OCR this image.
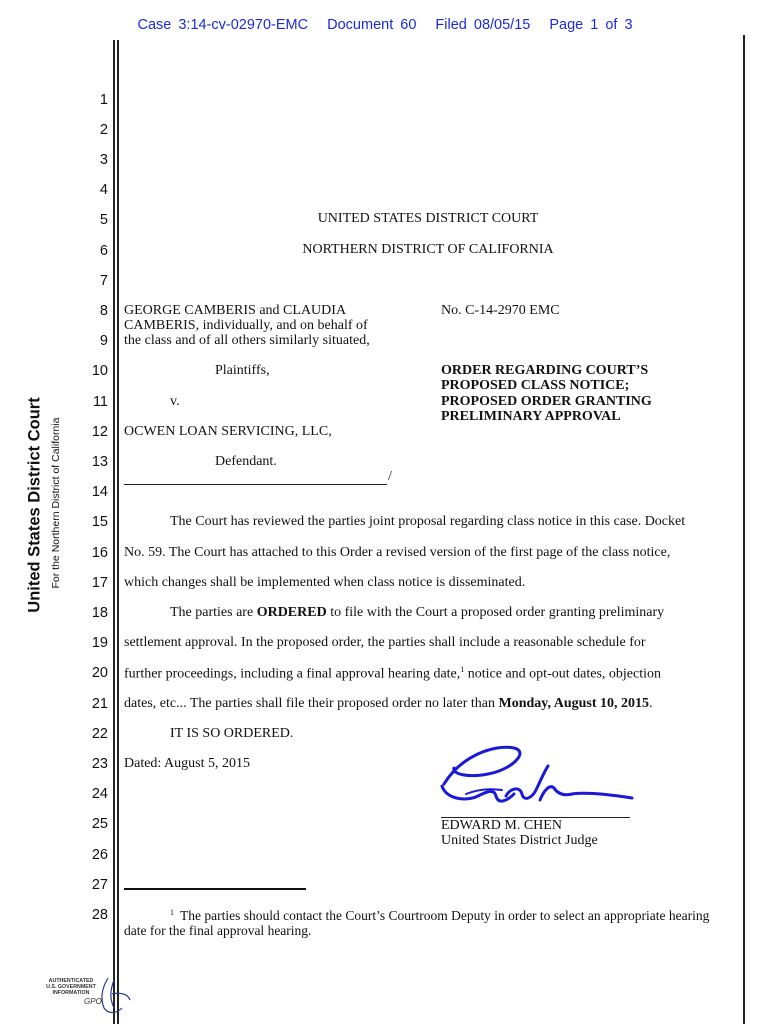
Case 3:14-cv-02970-EMC Document 60 Filed 08/05/15 Page 1 of 3
United States District Court For the Northern District of California
1
2
3
4
5
6
7
8
9
10
11
12
13
14
15
16
17
18
19
20
21
22
23
24
25
26
27
28
UNITED STATES DISTRICT COURT
NORTHERN DISTRICT OF CALIFORNIA
GEORGE CAMBERIS and CLAUDIA
CAMBERIS, individually, and on behalf of
the class and of all others similarly situated,
Plaintiffs,
v.
OCWEN LOAN SERVICING, LLC,
Defendant.
/
No. C-14-2970 EMC
ORDER REGARDING COURT’S
PROPOSED CLASS NOTICE;
PROPOSED ORDER GRANTING
PRELIMINARY APPROVAL
The Court has reviewed the parties joint proposal regarding class notice in this case. Docket
No. 59. The Court has attached to this Order a revised version of the first page of the class notice,
which changes shall be implemented when class notice is disseminated.
The parties are ORDERED to file with the Court a proposed order granting preliminary
settlement approval. In the proposed order, the parties shall include a reasonable schedule for
further proceedings, including a final approval hearing date,$^1$ notice and opt-out dates, objection
dates, etc... The parties shall file their proposed order no later than Monday, August 10, 2015.
IT IS SO ORDERED.
Dated: August 5, 2015
EDWARD M. CHEN
United States District Judge
$^1$ The parties should contact the Court’s Courtroom Deputy in order to select an appropriate hearing date for the final approval hearing.
AUTHENTICATED
U.S. GOVERNMENT
INFORMATION
GPO
